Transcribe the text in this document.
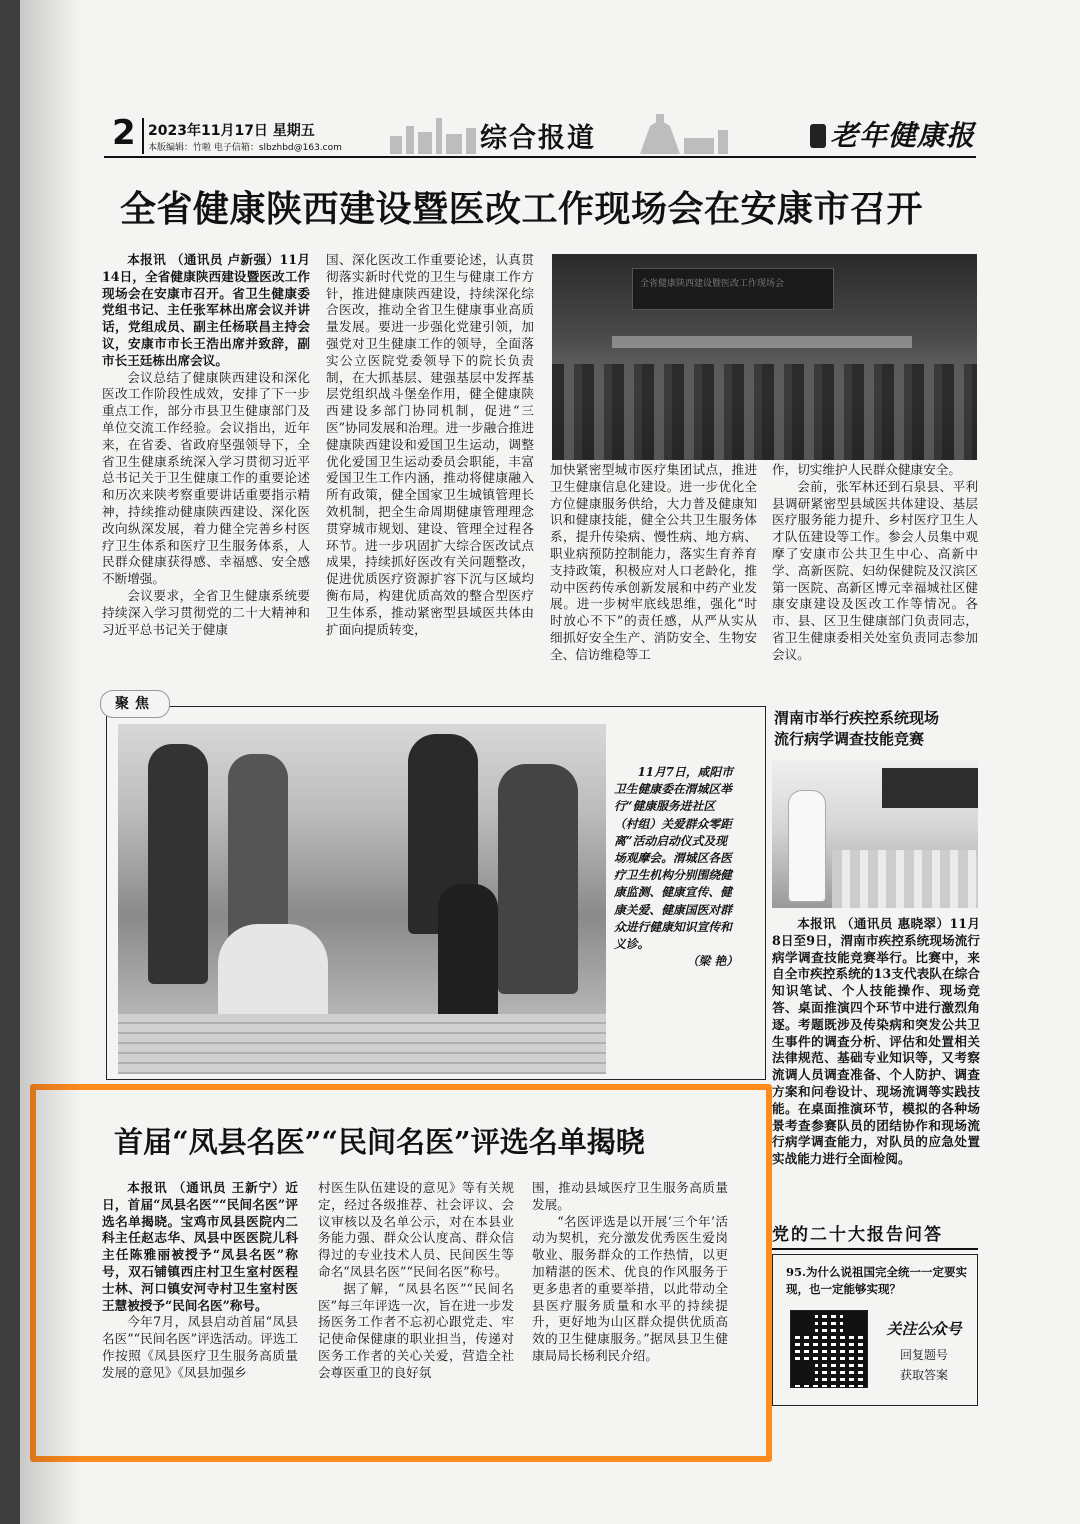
2 2023年11月17日 星期五
本版编辑：竹啦 电子信箱：slbzhbd@163.com	综合报道	老年健康报
全省健康陕西建设暨医改工作现场会在安康市召开

本报讯 （通讯员 卢新强）11月14日，全省健康陕西建设暨医改工作现场会在安康市召开。省卫生健康委党组书记、主任张军林出席会议并讲话，党组成员、副主任杨联昌主持会议，安康市市长王浩出席并致辞，副市长王廷栋出席会议。

会议总结了健康陕西建设和深化医改工作阶段性成效，安排了下一步重点工作，部分市县卫生健康部门及单位交流工作经验。会议指出，近年来，在省委、省政府坚强领导下，全省卫生健康系统深入学习贯彻习近平总书记关于卫生健康工作的重要论述和历次来陕考察重要讲话重要指示精神，持续推动健康陕西建设、深化医改向纵深发展，着力健全完善乡村医疗卫生体系和医疗卫生服务体系，人民群众健康获得感、幸福感、安全感不断增强。

会议要求，全省卫生健康系统要持续深入学习贯彻党的二十大精神和习近平总书记关于健康

国、深化医改工作重要论述，认真贯彻落实新时代党的卫生与健康工作方针，推进健康陕西建设，持续深化综合医改，推动全省卫生健康事业高质量发展。要进一步强化党建引领，加强党对卫生健康工作的领导，全面落实公立医院党委领导下的院长负责制，在大抓基层、建强基层中发挥基层党组织战斗堡垒作用，健全健康陕西建设多部门协同机制，促进“三医”协同发展和治理。进一步融合推进健康陕西建设和爱国卫生运动，调整优化爱国卫生运动委员会职能，丰富爱国卫生工作内涵，推动将健康融入所有政策，健全国家卫生城镇管理长效机制，把全生命周期健康管理理念贯穿城市规划、建设、管理全过程各环节。进一步巩固扩大综合医改试点成果，持续抓好医改有关问题整改，促进优质医疗资源扩容下沉与区域均衡布局，构建优质高效的整合型医疗卫生体系，推动紧密型县域医共体由扩面向提质转变，

全省健康陕西建设暨医改工作现场会

加快紧密型城市医疗集团试点，推进卫生健康信息化建设。进一步优化全方位健康服务供给，大力普及健康知识和健康技能，健全公共卫生服务体系，提升传染病、慢性病、地方病、职业病预防控制能力，落实生育养育支持政策，积极应对人口老龄化，推动中医药传承创新发展和中药产业发展。进一步树牢底线思维，强化“时时放心不下”的责任感，从严从实从细抓好安全生产、消防安全、生物安全、信访维稳等工

作，切实维护人民群众健康安全。

会前，张军林还到石泉县、平利县调研紧密型县域医共体建设、基层医疗服务能力提升、乡村医疗卫生人才队伍建设等工作。参会人员集中观摩了安康市公共卫生中心、高新中学、高新医院、妇幼保健院及汉滨区第一医院、高新区博元幸福城社区健康安康建设及医改工作等情况。各市、县、区卫生健康部门负责同志，省卫生健康委相关处室负责同志参加会议。

聚焦

11月7日，咸阳市卫生健康委在渭城区举行“健康服务进社区（村组）关爱群众零距离”活动启动仪式及现场观摩会。渭城区各医疗卫生机构分别围绕健康监测、健康宣传、健康关爱、健康国医对群众进行健康知识宣传和义诊。

（梁 艳）

渭南市举行疾控系统现场
流行病学调查技能竞赛

本报讯 （通讯员 惠晓翠）11月8日至9日，渭南市疾控系统现场流行病学调查技能竞赛举行。比赛中，来自全市疾控系统的13支代表队在综合知识笔试、个人技能操作、现场竞答、桌面推演四个环节中进行激烈角逐。考题既涉及传染病和突发公共卫生事件的调查分析、评估和处置相关法律规范、基础专业知识等，又考察流调人员调查准备、个人防护、调查方案和问卷设计、现场流调等实践技能。在桌面推演环节，模拟的各种场景考查参赛队员的团结协作和现场流行病学调查能力，对队员的应急处置实战能力进行全面检阅。

首届“凤县名医”“民间名医”评选名单揭晓

本报讯 （通讯员 王新宁）近日，首届“凤县名医”“民间名医”评选名单揭晓。宝鸡市凤县医院内二科主任赵志华、凤县中医医院儿科主任陈雅丽被授予“凤县名医”称号，双石铺镇西庄村卫生室村医程士林、河口镇安河寺村卫生室村医王慧被授予“民间名医”称号。

今年7月，凤县启动首届“凤县名医”“民间名医”评选活动。评选工作按照《凤县医疗卫生服务高质量发展的意见》《凤县加强乡

村医生队伍建设的意见》等有关规定，经过各级推荐、社会评议、会议审核以及名单公示，对在本县业务能力强、群众公认度高、群众信得过的专业技术人员、民间医生等命名“凤县名医”“民间名医”称号。

据了解，“凤县名医”“民间名医”每三年评选一次，旨在进一步发扬医务工作者不忘初心跟党走、牢记使命保健康的职业担当，传递对医务工作者的关心关爱，营造全社会尊医重卫的良好氛

围，推动县域医疗卫生服务高质量发展。

“名医评选是以开展‘三个年’活动为契机，充分激发优秀医生爱岗敬业、服务群众的工作热情，以更加精湛的医术、优良的作风服务于更多患者的重要举措，以此带动全县医疗服务质量和水平的持续提升，更好地为山区群众提供优质高效的卫生健康服务。”据凤县卫生健康局局长杨利民介绍。

党的二十大报告问答
95.为什么说祖国完全统一一定要实现，也一定能够实现？
关注公众号
回复题号
获取答案
